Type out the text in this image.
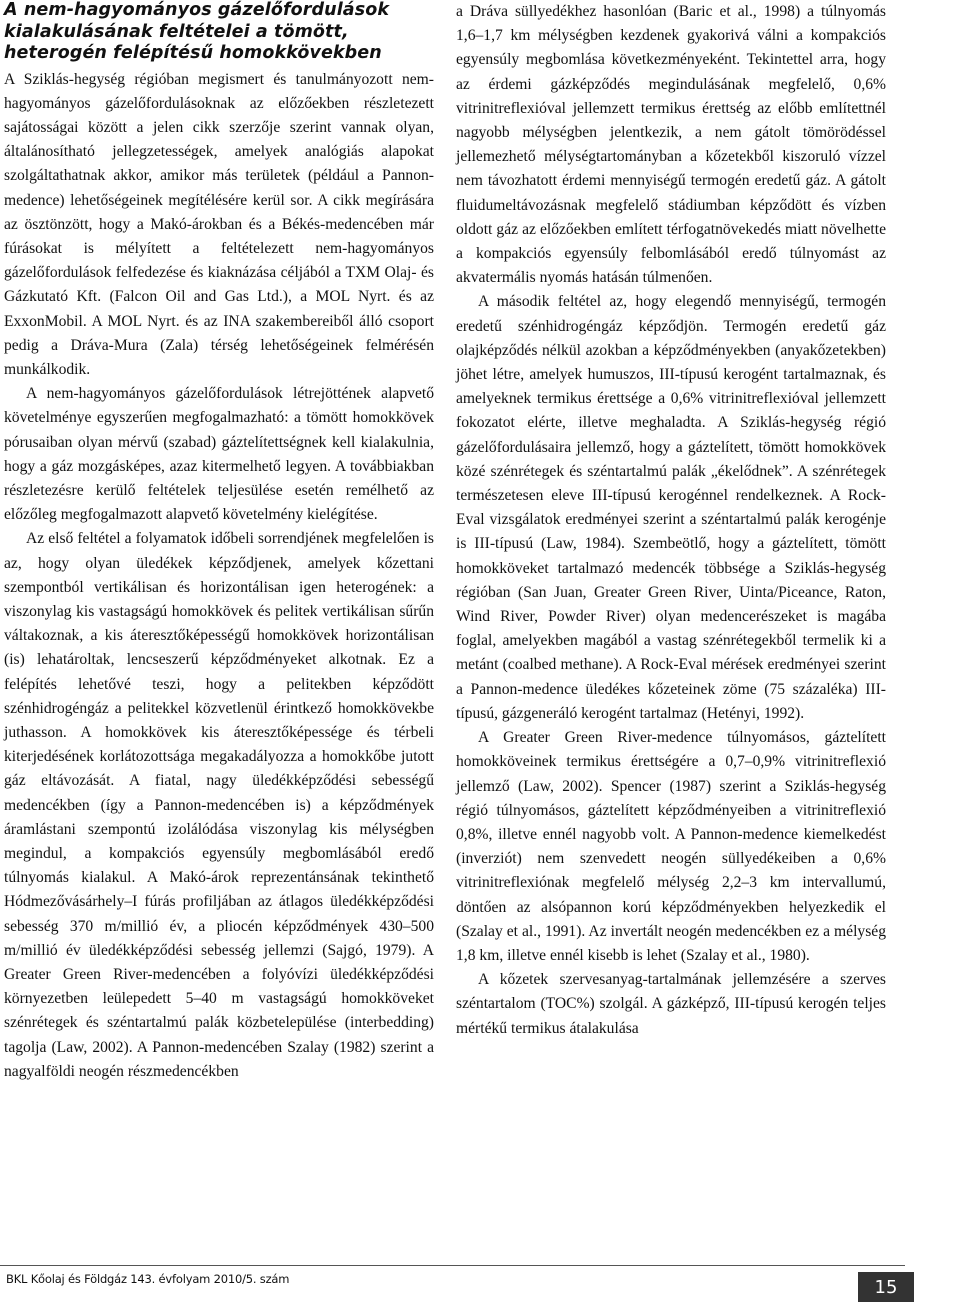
A nem-hagyományos gázelőfordulások kialakulásának feltételei a tömött, heterogén felépítésű homokkövekben

A Sziklás-hegység régióban megismert és tanulmányozott nem-hagyományos gázelőfordulásoknak az előzőekben részletezett sajátosságai között a jelen cikk szerzője szerint vannak olyan, általánosítható jellegzetességek, amelyek analógiás alapokat szolgáltathatnak akkor, amikor más területek (például a Pannon-medence) lehetőségeinek megítélésére kerül sor. A cikk megírására az ösztönzött, hogy a Makó-árokban és a Békés-medencében már fúrásokat is mélyített a feltételezett nem-hagyományos gázelőfordulások felfedezése és kiaknázása céljából a TXM Olaj- és Gázkutató Kft. (Falcon Oil and Gas Ltd.), a MOL Nyrt. és az ExxonMobil. A MOL Nyrt. és az INA szakembereiből álló csoport pedig a Dráva-Mura (Zala) térség lehetőségeinek felmérésén munkálkodik.

A nem-hagyományos gázelőfordulások létrejöttének alapvető követelménye egyszerűen megfogalmazható: a tömött homokkövek pórusaiban olyan mérvű (szabad) gáztelítettségnek kell kialakulnia, hogy a gáz mozgásképes, azaz kitermelhető legyen. A továbbiakban részletezésre kerülő feltételek teljesülése esetén remélhető az előzőleg megfogalmazott alapvető követelmény kielégítése.

Az első feltétel a folyamatok időbeli sorrendjének megfelelően is az, hogy olyan üledékek képződjenek, amelyek kőzettani szempontból vertikálisan és horizontálisan igen heterogének: a viszonylag kis vastagságú homokkövek és pelitek vertikálisan sűrűn váltakoznak, a kis áteresztőképességű homokkövek horizontálisan (is) lehatároltak, lencseszerű képződményeket alkotnak. Ez a felépítés lehetővé teszi, hogy a pelitekben képződött szénhidrogéngáz a pelitekkel közvetlenül érintkező homokkövekbe juthasson. A homokkövek kis áteresztőképessége és térbeli kiterjedésének korlátozottsága megakadályozza a homokkőbe jutott gáz eltávozását. A fiatal, nagy üledékképződési sebességű medencékben (így a Pannon-medencében is) a képződmények áramlástani szempontú izolálódása viszonylag kis mélységben megindul, a kompakciós egyensúly megbomlásából eredő túlnyomás kialakul. A Makó-árok reprezentánsának tekinthető Hódmezővásárhely–I fúrás profiljában az átlagos üledékképződési sebesség 370 m/millió év, a pliocén képződmények 430–500 m/millió év üledékképződési sebesség jellemzi (Sajgó, 1979). A Greater Green River-medencében a folyóvízi üledékképződési környezetben leülepedett 5–40 m vastagságú homokköveket szénrétegek és széntartalmú palák közbetelepülése (interbedding) tagolja (Law, 2002). A Pannon-medencében Szalay (1982) szerint a nagyalföldi neogén részmedencékben

a Dráva süllyedékhez hasonlóan (Baric et al., 1998) a túlnyomás 1,6–1,7 km mélységben kezdenek gyakorivá válni a kompakciós egyensúly megbomlása következményeként. Tekintettel arra, hogy az érdemi gázképződés megindulásának megfelelő, 0,6% vitrinitreflexióval jellemzett termikus érettség az előbb említettnél nagyobb mélységben jelentkezik, a nem gátolt tömörödéssel jellemezhető mélységtartományban a kőzetekből kiszoruló vízzel nem távozhatott érdemi mennyiségű termogén eredetű gáz. A gátolt fluidumeltávozásnak megfelelő stádiumban képződött és vízben oldott gáz az előzőekben említett térfogatnövekedés miatt növelhette a kompakciós egyensúly felbomlásából eredő túlnyomást az akvatermális nyomás hatásán túlmenően.

A második feltétel az, hogy elegendő mennyiségű, termogén eredetű szénhidrogéngáz képződjön. Termogén eredetű gáz olajképződés nélkül azokban a képződményekben (anyakőzetekben) jöhet létre, amelyek humuszos, III-típusú kerogént tartalmaznak, és amelyeknek termikus érettsége a 0,6% vitrinitreflexióval jellemzett fokozatot elérte, illetve meghaladta. A Sziklás-hegység régió gázelőfordulásaira jellemző, hogy a gáztelített, tömött homokkövek közé szénrétegek és széntartalmú palák „ékelődnek”. A szénrétegek természetesen eleve III-típusú kerogénnel rendelkeznek. A Rock-Eval vizsgálatok eredményei szerint a széntartalmú palák kerogénje is III-típusú (Law, 1984). Szembeötlő, hogy a gáztelített, tömött homokköveket tartalmazó medencék többsége a Sziklás-hegység régióban (San Juan, Greater Green River, Uinta/Piceance, Raton, Wind River, Powder River) olyan medencerészeket is magába foglal, amelyekben magából a vastag szénrétegekből termelik ki a metánt (coalbed methane). A Rock-Eval mérések eredményei szerint a Pannon-medence üledékes kőzeteinek zöme (75 százaléka) III-típusú, gázgeneráló kerogént tartalmaz (Hetényi, 1992).

A Greater Green River-medence túlnyomásos, gáztelített homokköveinek termikus érettségére a 0,7–0,9% vitrinitreflexió jellemző (Law, 2002). Spencer (1987) szerint a Sziklás-hegység régió túlnyomásos, gáztelített képződményeiben a vitrinitreflexió 0,8%, illetve ennél nagyobb volt. A Pannon-medence kiemelkedést (inverziót) nem szenvedett neogén süllyedékeiben a 0,6% vitrinitreflexiónak megfelelő mélység 2,2–3 km intervallumú, döntően az alsópannon korú képződményekben helyezkedik el (Szalay et al., 1991). Az invertált neogén medencékben ez a mélység 1,8 km, illetve ennél kisebb is lehet (Szalay et al., 1980).

A kőzetek szervesanyag-tartalmának jellemzésére a szerves széntartalom (TOC%) szolgál. A gázképző, III-típusú kerogén teljes mértékű termikus átalakulása

BKL Kőolaj és Földgáz 143. évfolyam 2010/5. szám	15
